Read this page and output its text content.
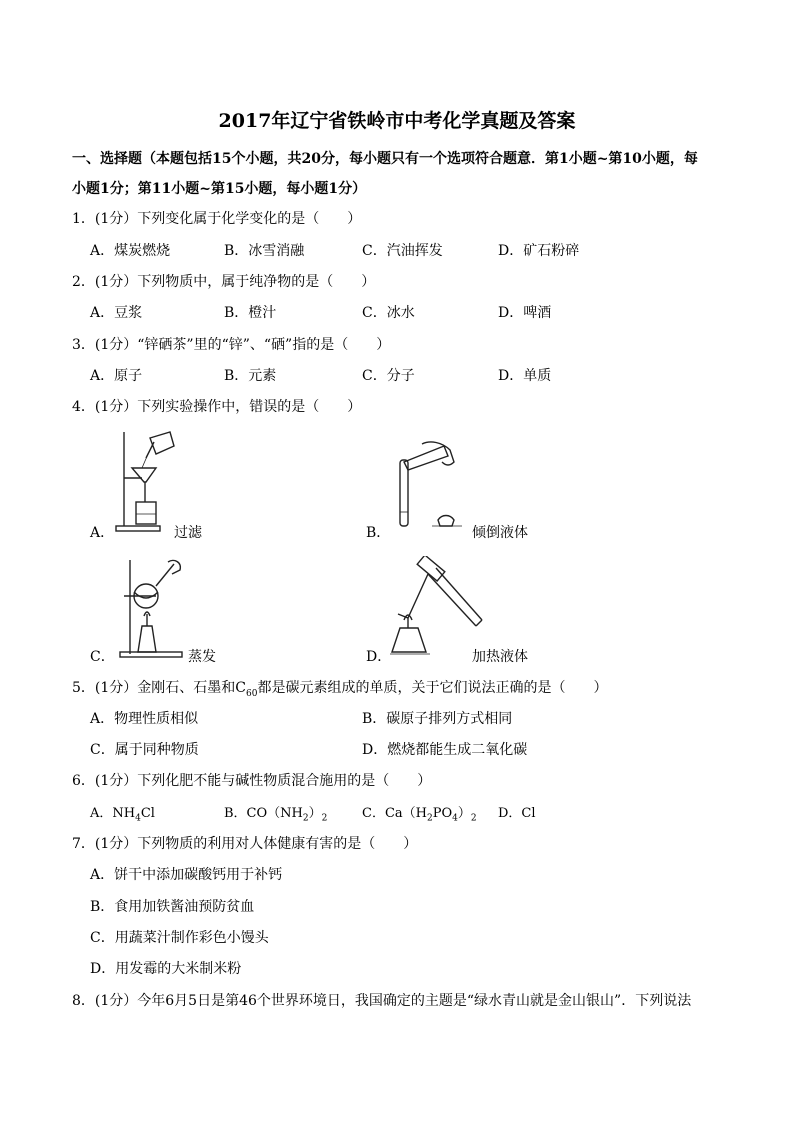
2017年辽宁省铁岭市中考化学真题及答案
一、选择题（本题包括15个小题，共20分，每小题只有一个选项符合题意．第1小题~第10小题，每
小题1分；第11小题~第15小题，每小题1分）
1．(1分）下列变化属于化学变化的是（　　）
A．煤炭燃烧	B．冰雪消融	C．汽油挥发	D．矿石粉碎
2．(1分）下列物质中，属于纯净物的是（　　）
A．豆浆	B．橙汁	C．冰水	D．啤酒
3．(1分）“锌硒茶”里的“锌”、“硒”指的是（　　）
A．原子	B．元素	C．分子	D．单质
4．(1分）下列实验操作中，错误的是（　　）
A．	过滤	B．	倾倒液体
C．	蒸发	D．	加热液体
5．(1分）金刚石、石墨和$C_{60}$都是碳元素组成的单质，关于它们说法正确的是（　　）
A．物理性质相似	B．碳原子排列方式相同
C．属于同种物质	D．燃烧都能生成二氧化碳
6．(1分）下列化肥不能与碱性物质混合施用的是（　　）
A．$NH_4Cl$	B．$CO(NH_2)_2$	C．$Ca(H_2PO_4)_2$ D．Cl
7．(1分）下列物质的利用对人体健康有害的是（　　）
A．饼干中添加碳酸钙用于补钙
B．食用加铁酱油预防贫血
C．用蔬菜汁制作彩色小馒头
D．用发霉的大米制米粉
8．(1分）今年6月5日是第46个世界环境日，我国确定的主题是“绿水青山就是金山银山”．下列说法
